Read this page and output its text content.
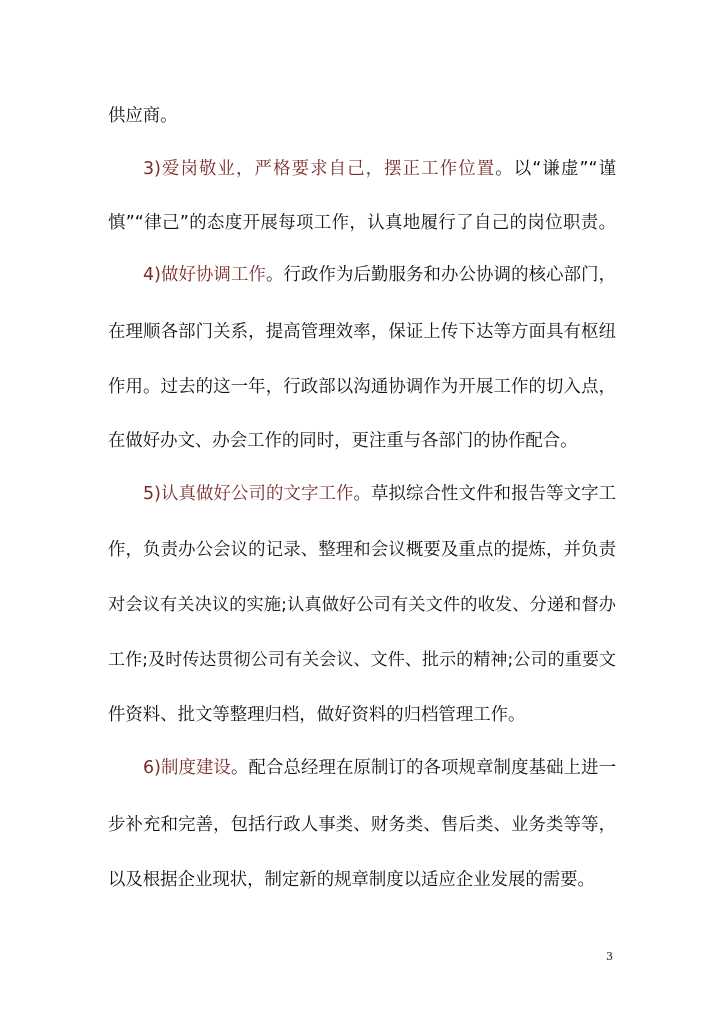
供应商。
3)爱岗敬业，严格要求自己，摆正工作位置。以“谦虚”“谨
慎”“律己”的态度开展每项工作，认真地履行了自己的岗位职责。
4)做好协调工作。行政作为后勤服务和办公协调的核心部门，
在理顺各部门关系，提高管理效率，保证上传下达等方面具有枢纽
作用。过去的这一年，行政部以沟通协调作为开展工作的切入点，
在做好办文、办会工作的同时，更注重与各部门的协作配合。
5)认真做好公司的文字工作。草拟综合性文件和报告等文字工
作，负责办公会议的记录、整理和会议概要及重点的提炼，并负责
对会议有关决议的实施;认真做好公司有关文件的收发、分递和督办
工作;及时传达贯彻公司有关会议、文件、批示的精神;公司的重要文
件资料、批文等整理归档，做好资料的归档管理工作。
6)制度建设。配合总经理在原制订的各项规章制度基础上进一
步补充和完善，包括行政人事类、财务类、售后类、业务类等等，
以及根据企业现状，制定新的规章制度以适应企业发展的需要。
3
